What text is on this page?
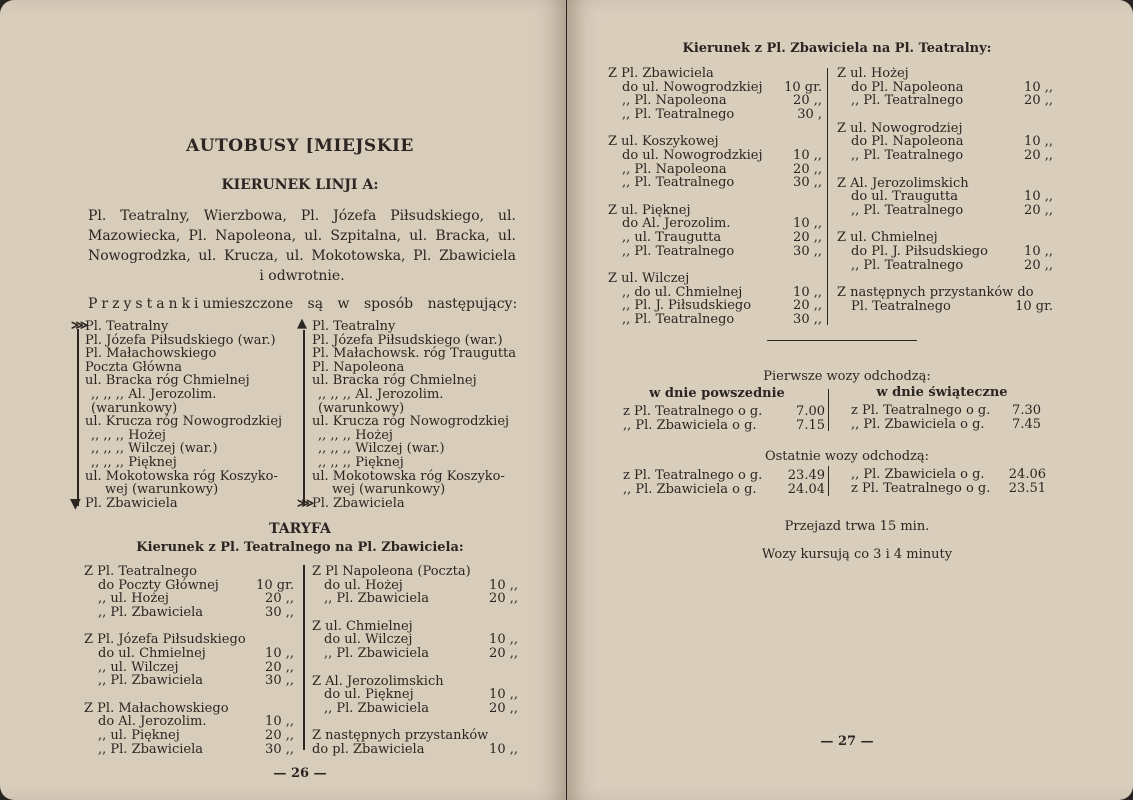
AUTOBUSY [MIEJSKIE
KIERUNEK LINJI A:
Pl. Teatralny, Wierzbowa, Pl. Józefa Piłsudskiego, ul.
Mazowiecka, Pl. Napoleona, ul. Szpitalna, ul. Bracka, ul.
Nowogrodzka, ul. Krucza, ul. Mokotowska, Pl. Zbawiciela
i odwrotnie.
Przystanki umieszczone są w sposób następujący:
⋙
▼
Pl. Teatralny
Pl. Józefa Piłsudskiego (war.)
Pl. Małachowskiego
Poczta Główna
ul. Bracka róg Chmielnej
,, ,, ,, Al. Jerozolim.
(warunkowy)
ul. Krucza róg Nowogrodzkiej
,, ,, ,, Hożej
,, ,, ,, Wilczej (war.)
,, ,, ,, Pięknej
ul. Mokotowska róg Koszyko-
wej (warunkowy)
Pl. Zbawiciela
▲
⋙
Pl. Teatralny
Pl. Józefa Piłsudskiego (war.)
Pl. Małachowsk. róg Traugutta
Pl. Napoleona
ul. Bracka róg Chmielnej
,, ,, ,, Al. Jerozolim.
(warunkowy)
ul. Krucza róg Nowogrodzkiej
,, ,, ,, Hożej
,, ,, ,, Wilczej (war.)
,, ,, ,, Pięknej
ul. Mokotowska róg Koszyko-
wej (warunkowy)
Pl. Zbawiciela
TARYFA
Kierunek z Pl. Teatralnego na Pl. Zbawiciela:
Z Pl. Teatralnego
do Poczty Głównej	10 gr.
,, ul. Hożej	20 ,,
,, Pl. Zbawiciela	30 ,,
Z Pl. Józefa Piłsudskiego
do ul. Chmielnej	10 ,,
,, ul. Wilczej	20 ,,
,, Pl. Zbawiciela	30 ,,
Z Pl. Małachowskiego
do Al. Jerozolim.	10 ,,
,, ul. Pięknej	20 ,,
,, Pl. Zbawiciela	30 ,,
Z Pl Napoleona (Poczta)
do ul. Hożej	10 ,,
,, Pl. Zbawiciela	20 ,,
Z ul. Chmielnej
do ul. Wilczej	10 ,,
,, Pl. Zbawiciela	20 ,,
Z Al. Jerozolimskich
do ul. Pięknej	10 ,,
,, Pl. Zbawiciela	20 ,,
Z następnych przystanków
do pl. Zbawiciela	10 ,,
— 26 —
Kierunek z Pl. Zbawiciela na Pl. Teatralny:
Z Pl. Zbawiciela
do ul. Nowogrodzkiej 10 gr.
,, Pl. Napoleona	20 ,,
,, Pl. Teatralnego	30 ,
Z ul. Koszykowej
do ul. Nowogrodzkiej 10 ,,
,, Pl. Napoleona	20 ,,
,, Pl. Teatralnego	30 ,,
Z ul. Pięknej
do Al. Jerozolim.	10 ,,
,, ul. Traugutta	20 ,,
,, Pl. Teatralnego	30 ,,
Z ul. Wilczej
,, do ul. Chmielnej	10 ,,
,, Pl. J. Piłsudskiego	20 ,,
,, Pl. Teatralnego	30 ,,
Z ul. Hożej
do Pl. Napoleona	10 ,,
,, Pl. Teatralnego	20 ,,
Z ul. Nowogrodziej
do Pl. Napoleona	10 ,,
,, Pl. Teatralnego	20 ,,
Z Al. Jerozolimskich
do ul. Traugutta	10 ,,
,, Pl. Teatralnego	20 ,,
Z ul. Chmielnej
do Pl. J. Piłsudskiego	10 ,,
,, Pl. Teatralnego	20 ,,
Z następnych przystanków do
Pl. Teatralnego	10 gr.
Pierwsze wozy odchodzą:
w dnie powszednie	w dnie świąteczne
z Pl. Teatralnego o g.	7.00
,, Pl. Zbawiciela o g.	7.15
z Pl. Teatralnego o g. 7.30
,, Pl. Zbawiciela o g. 7.45
Ostatnie wozy odchodzą:
z Pl. Teatralnego o g. 23.49
,, Pl. Zbawiciela o g. 24.04
,, Pl. Zbawiciela o g. 24.06
z Pl. Teatralnego o g. 23.51
Przejazd trwa 15 min.
Wozy kursują co 3 i 4 minuty
— 27 —
